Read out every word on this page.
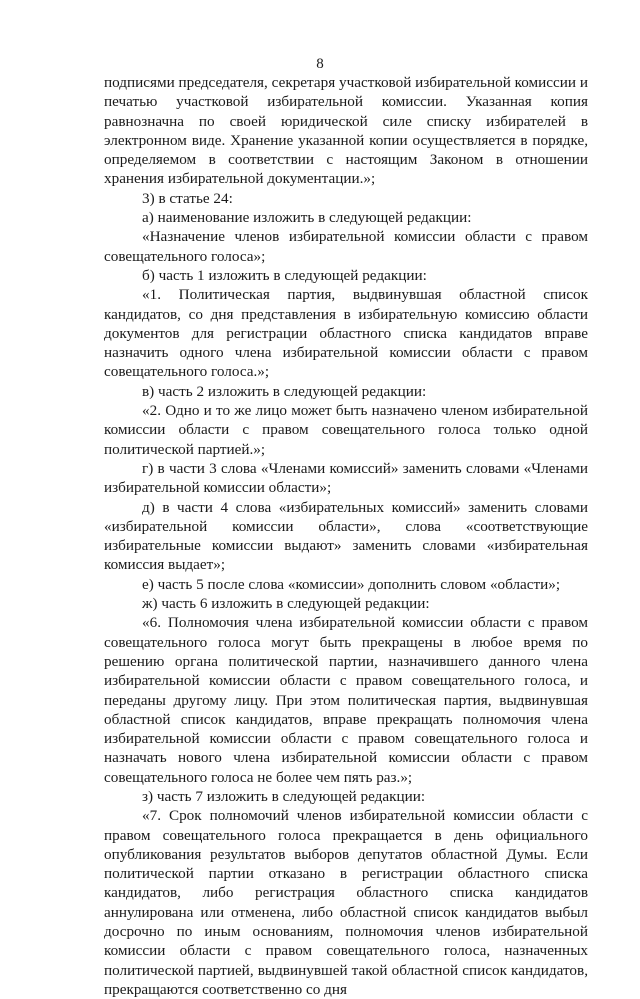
8

подписями председателя, секретаря участковой избирательной комиссии и печатью участковой избирательной комиссии. Указанная копия равнозначна по своей юридической силе списку избирателей в электронном виде. Хранение указанной копии осуществляется в порядке, определяемом в соответствии с настоящим Законом в отношении хранения избирательной документации.»;

3) в статье 24:

а) наименование изложить в следующей редакции:

«Назначение членов избирательной комиссии области с правом совещательного голоса»;

б) часть 1 изложить в следующей редакции:

«1. Политическая партия, выдвинувшая областной список кандидатов, со дня представления в избирательную комиссию области документов для регистрации областного списка кандидатов вправе назначить одного члена избирательной комиссии области с правом совещательного голоса.»;

в) часть 2 изложить в следующей редакции:

«2. Одно и то же лицо может быть назначено членом избирательной комиссии области с правом совещательного голоса только одной политической партией.»;

г) в части 3 слова «Членами комиссий» заменить словами «Членами избирательной комиссии области»;

д) в части 4 слова «избирательных комиссий» заменить словами «избирательной комиссии области», слова «соответствующие избирательные комиссии выдают» заменить словами «избирательная комиссия выдает»;

е) часть 5 после слова «комиссии» дополнить словом «области»;

ж) часть 6 изложить в следующей редакции:

«6. Полномочия члена избирательной комиссии области с правом совещательного голоса могут быть прекращены в любое время по решению органа политической партии, назначившего данного члена избирательной комиссии области с правом совещательного голоса, и переданы другому лицу. При этом политическая партия, выдвинувшая областной список кандидатов, вправе прекращать полномочия члена избирательной комиссии области с правом совещательного голоса и назначать нового члена избирательной комиссии области с правом совещательного голоса не более чем пять раз.»;

з) часть 7 изложить в следующей редакции:

«7. Срок полномочий членов избирательной комиссии области с правом совещательного голоса прекращается в день официального опубликования результатов выборов депутатов областной Думы. Если политической партии отказано в регистрации областного списка кандидатов, либо регистрация областного списка кандидатов аннулирована или отменена, либо областной список кандидатов выбыл досрочно по иным основаниям, полномочия членов избирательной комиссии области с правом совещательного голоса, назначенных политической партией, выдвинувшей такой областной список кандидатов, прекращаются соответственно со дня
